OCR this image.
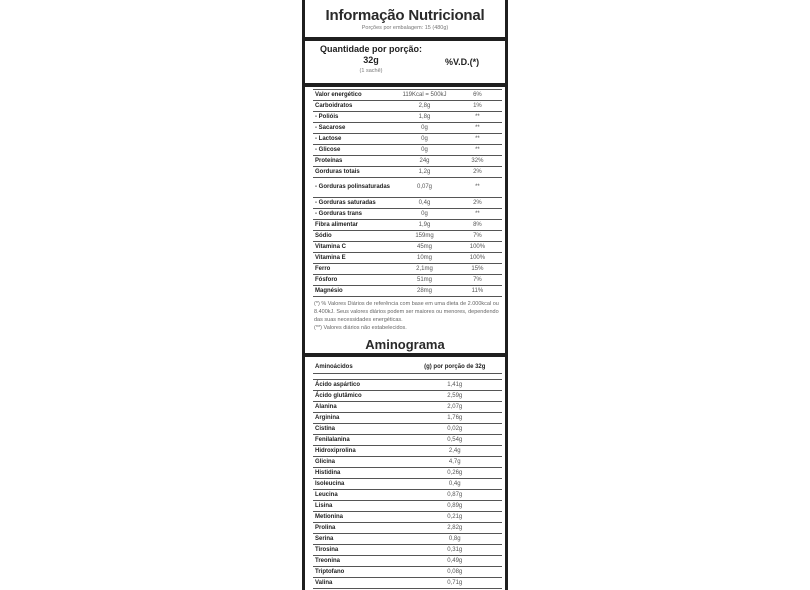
Informação Nutricional
Porções por embalagem: 15 (480g)
Quantidade por porção:
32g
(1 sachê)
%V.D.(*)
Valor energético	119Kcal = 500kJ	6%
Carboidratos	2,8g	1%
- Polióis	1,8g	**
- Sacarose	0g	**
- Lactose	0g	**
- Glicose	0g	**
Proteínas	24g	32%
Gorduras totais	1,2g	2%
- Gorduras polinsaturadas	0,07g	**
- Gorduras saturadas	0,4g	2%
- Gorduras trans	0g	**
Fibra alimentar	1,9g	8%
Sódio	159mg	7%
Vitamina C	45mg	100%
Vitamina E	10mg	100%
Ferro	2,1mg	15%
Fósforo	51mg	7%
Magnésio	28mg	11%
(*) % Valores Diários de referência com base em uma dieta de 2.000kcal ou 8.400kJ. Seus valores diários podem ser maiores ou menores, dependendo das suas necessidades energéticas.
(**) Valores diários não estabelecidos.
Aminograma
Aminoácidos	(g) por porção de 32g

Ácido aspártico	1,41g
Ácido glutâmico	2,59g
Alanina	2,07g
Arginina	1,76g
Cistina	0,02g
Fenilalanina	0,54g
Hidroxiprolina	2,4g
Glicina	4,7g
Histidina	0,26g
Isoleucina	0,4g
Leucina	0,87g
Lisina	0,89g
Metionina	0,21g
Prolina	2,82g
Serina	0,8g
Tirosina	0,31g
Treonina	0,49g
Triptofano	0,08g
Valina	0,71g
